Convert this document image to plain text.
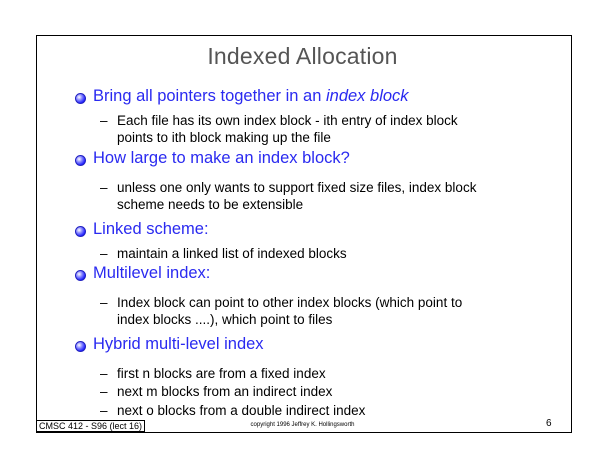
Indexed Allocation
Bring all pointers together in an index block
– Each file has its own index block - ith entry of index block
points to ith block making up the file
How large to make an index block?
– unless one only wants to support fixed size files, index block
scheme needs to be extensible
Linked scheme:
– maintain a linked list of indexed blocks
Multilevel index:
– Index block can point to other index blocks (which point to
index blocks ....), which point to files
Hybrid multi-level index
– first n blocks are from a fixed index
– next m blocks from an indirect index
– next o blocks from a double indirect index
CMSC 412 - S96 (lect 16)	copyright 1996 Jeffrey K. Hollingsworth	6
